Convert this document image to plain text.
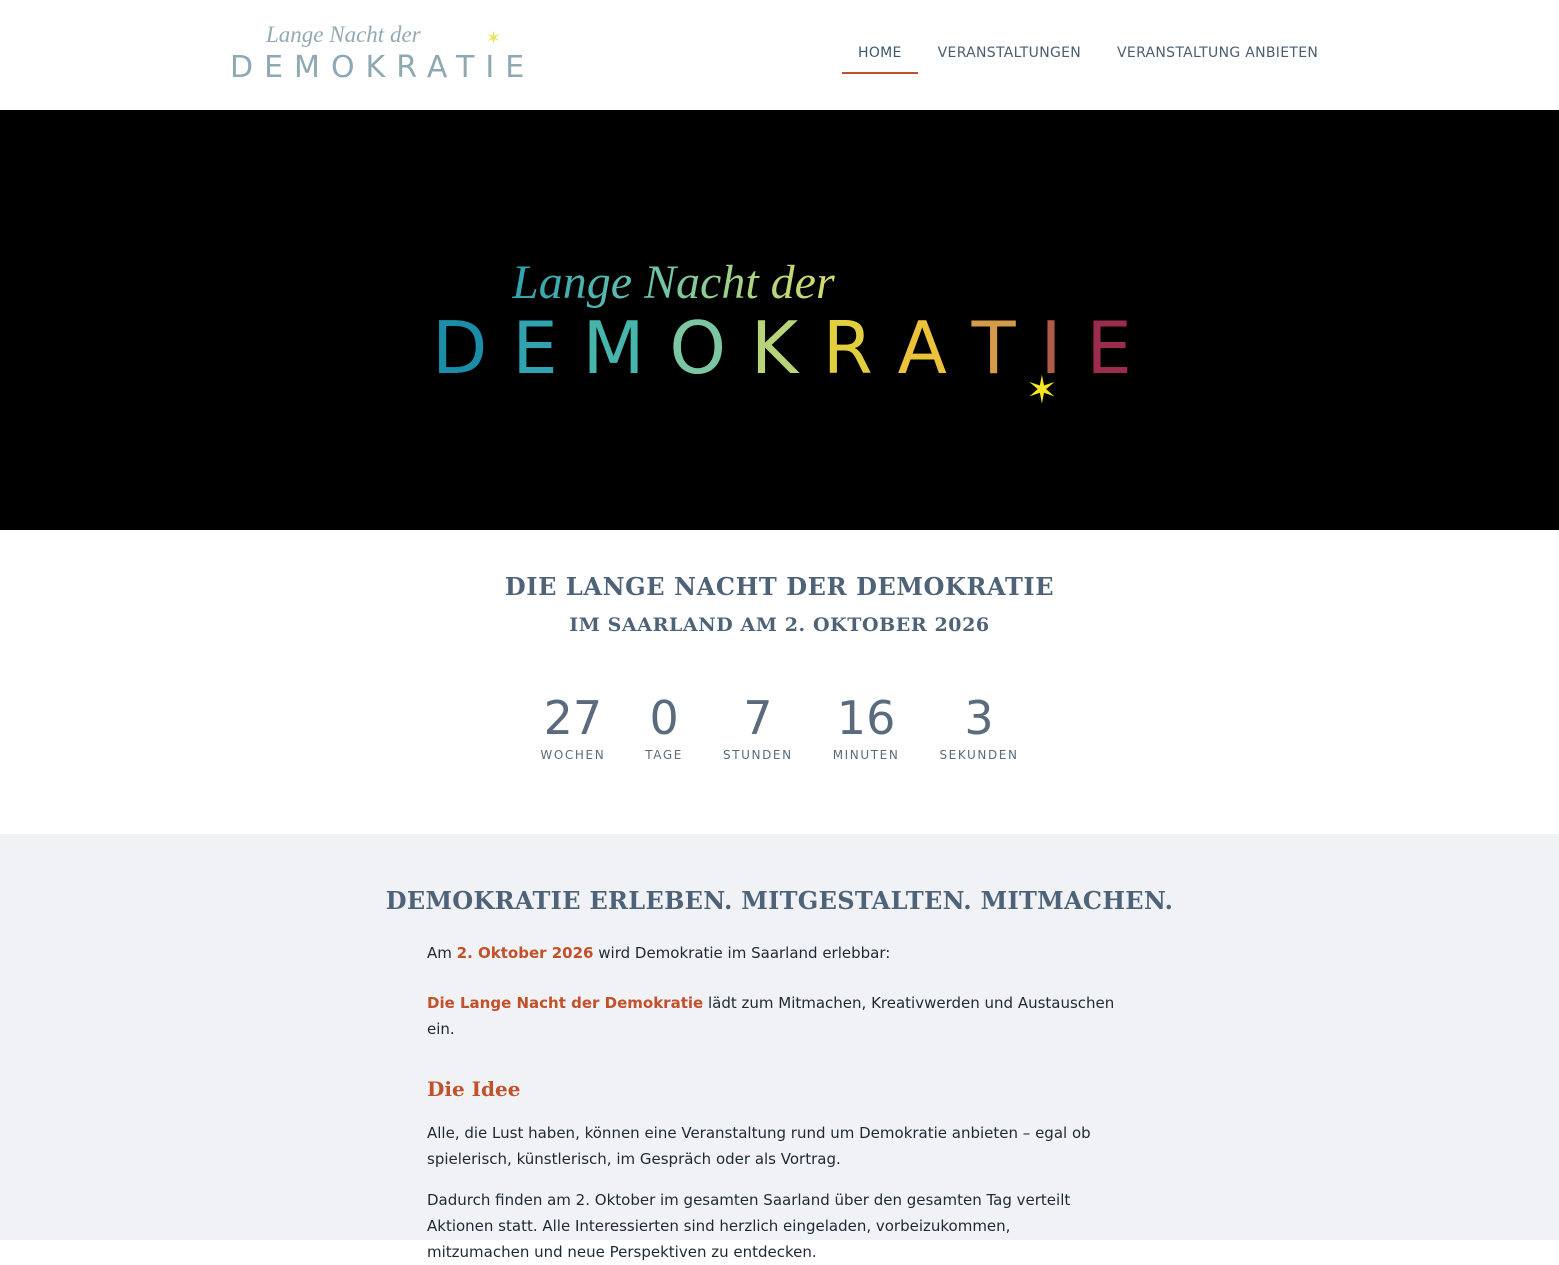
Lange Nacht der	✶
DEMOKRATIE	HOME	VERANSTALTUNGEN	VERANSTALTUNG ANBIETEN
Lange Nacht der
D E M O K R A T I E
✶
DIE LANGE NACHT DER DEMOKRATIE
IM SAARLAND AM 2. OKTOBER 2026
27
WOCHEN
0
TAGE
7
STUNDEN
16
MINUTEN
3
SEKUNDEN
DEMOKRATIE ERLEBEN. MITGESTALTEN. MITMACHEN.

Am 2. Oktober 2026 wird Demokratie im Saarland erlebbar:

Die Lange Nacht der Demokratie lädt zum Mitmachen, Kreativwerden und Austauschen ein.

Die Idee

Alle, die Lust haben, können eine Veranstaltung rund um Demokratie anbieten – egal ob spielerisch, künstlerisch, im Gespräch oder als Vortrag.

Dadurch finden am 2. Oktober im gesamten Saarland über den gesamten Tag verteilt Aktionen statt. Alle Interessierten sind herzlich eingeladen, vorbeizukommen, mitzumachen und neue Perspektiven zu entdecken.
